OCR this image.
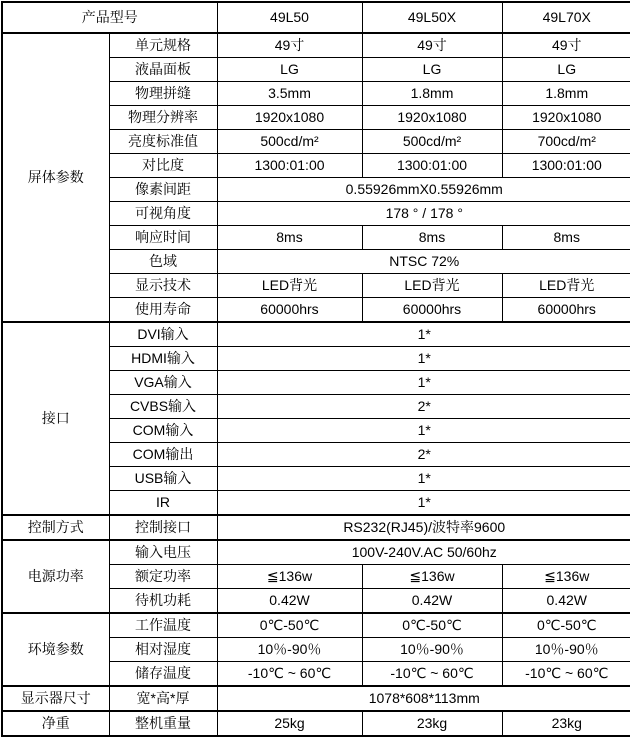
产品型号		49L50	49L50X	49L70X
屏体参数	单元规格	49寸	49寸	49寸
	液晶面板	LG	LG	LG
	物理拼缝	3.5mm	1.8mm	1.8mm
	物理分辨率	1920x1080	1920x1080	1920x1080
	亮度标准值	500cd/m²	500cd/m²	700cd/m²
	对比度	1300:01:00	1300:01:00	1300:01:00
	像素间距	0.55926mmX0.55926mm		
	可视角度	178 ° / 178 °		
	响应时间	8ms	8ms	8ms
	色域	NTSC 72%		
	显示技术	LED背光	LED背光	LED背光
	使用寿命	60000hrs	60000hrs	60000hrs
接口	DVI输入	1*		
	HDMI输入	1*		
	VGA输入	1*		
	CVBS输入	2*		
	COM输入	1*		
	COM输出	2*		
	USB输入	1*		
	IR	1*		
控制方式	控制接口	RS232(RJ45)/波特率9600		
电源功率	输入电压	100V-240V.AC 50/60hz		
	额定功率	≦136w	≦136w	≦136w
	待机功耗	0.42W	0.42W	0.42W
环境参数	工作温度	0℃-50℃	0℃-50℃	0℃-50℃
	相对湿度	10％-90％	10％-90％	10％-90％
	储存温度	-10℃ ~ 60℃	-10℃ ~ 60℃	-10℃ ~ 60℃
显示器尺寸	宽*高*厚	1078*608*113mm		
净重	整机重量	25kg	23kg	23kg
